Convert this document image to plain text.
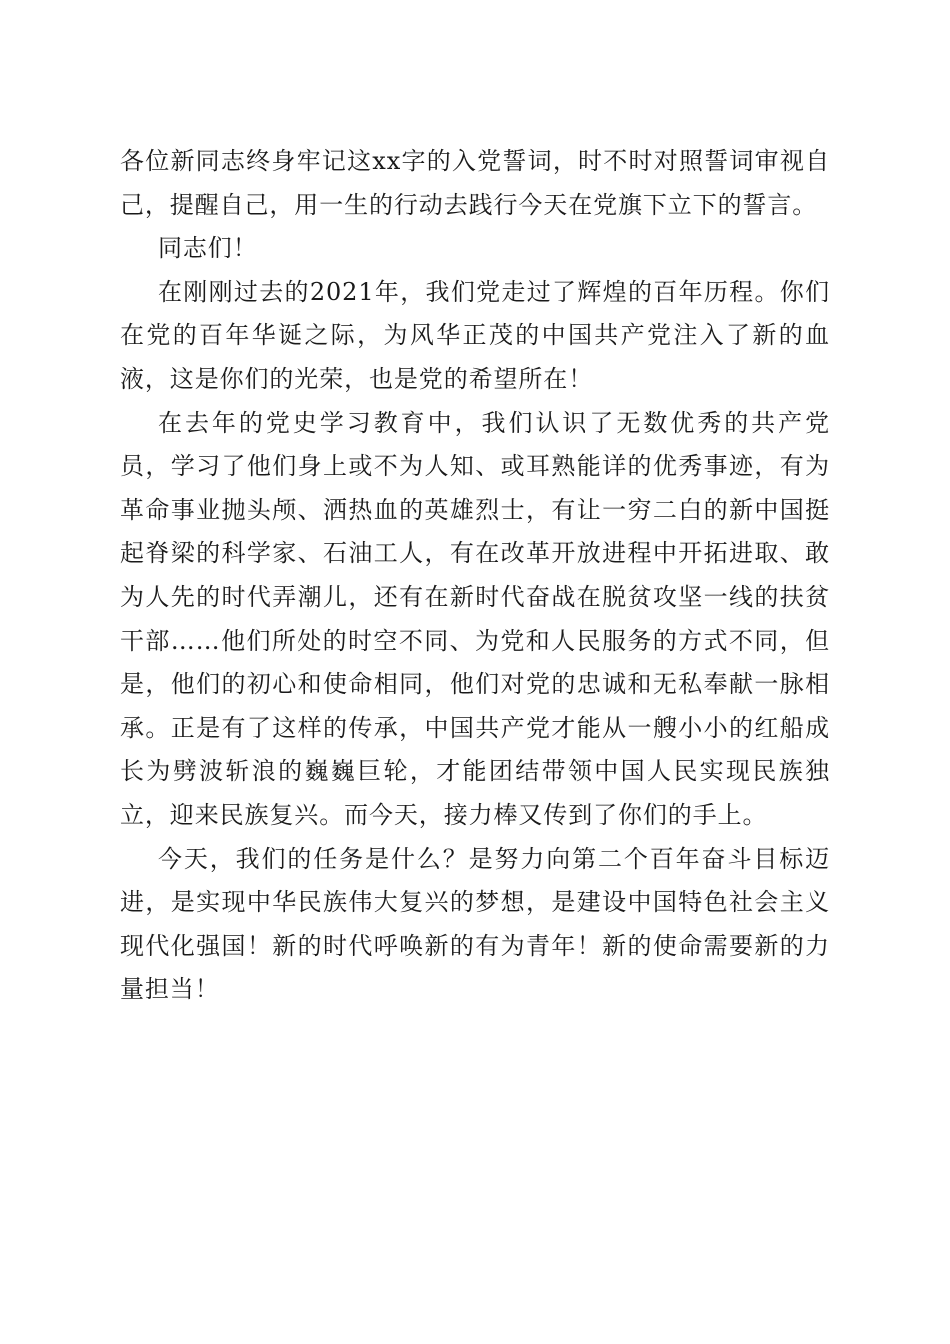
各位新同志终身牢记这xx字的入党誓词，时不时对照誓词审视自己，提醒自己，用一生的行动去践行今天在党旗下立下的誓言。

同志们！

在刚刚过去的2021年，我们党走过了辉煌的百年历程。你们在党的百年华诞之际，为风华正茂的中国共产党注入了新的血液，这是你们的光荣，也是党的希望所在！

在去年的党史学习教育中，我们认识了无数优秀的共产党员，学习了他们身上或不为人知、或耳熟能详的优秀事迹，有为革命事业抛头颅、洒热血的英雄烈士，有让一穷二白的新中国挺起脊梁的科学家、石油工人，有在改革开放进程中开拓进取、敢为人先的时代弄潮儿，还有在新时代奋战在脱贫攻坚一线的扶贫干部……他们所处的时空不同、为党和人民服务的方式不同，但是，他们的初心和使命相同，他们对党的忠诚和无私奉献一脉相承。正是有了这样的传承，中国共产党才能从一艘小小的红船成长为劈波斩浪的巍巍巨轮，才能团结带领中国人民实现民族独立，迎来民族复兴。而今天，接力棒又传到了你们的手上。

今天，我们的任务是什么？是努力向第二个百年奋斗目标迈进，是实现中华民族伟大复兴的梦想，是建设中国特色社会主义现代化强国！新的时代呼唤新的有为青年！新的使命需要新的力量担当！
